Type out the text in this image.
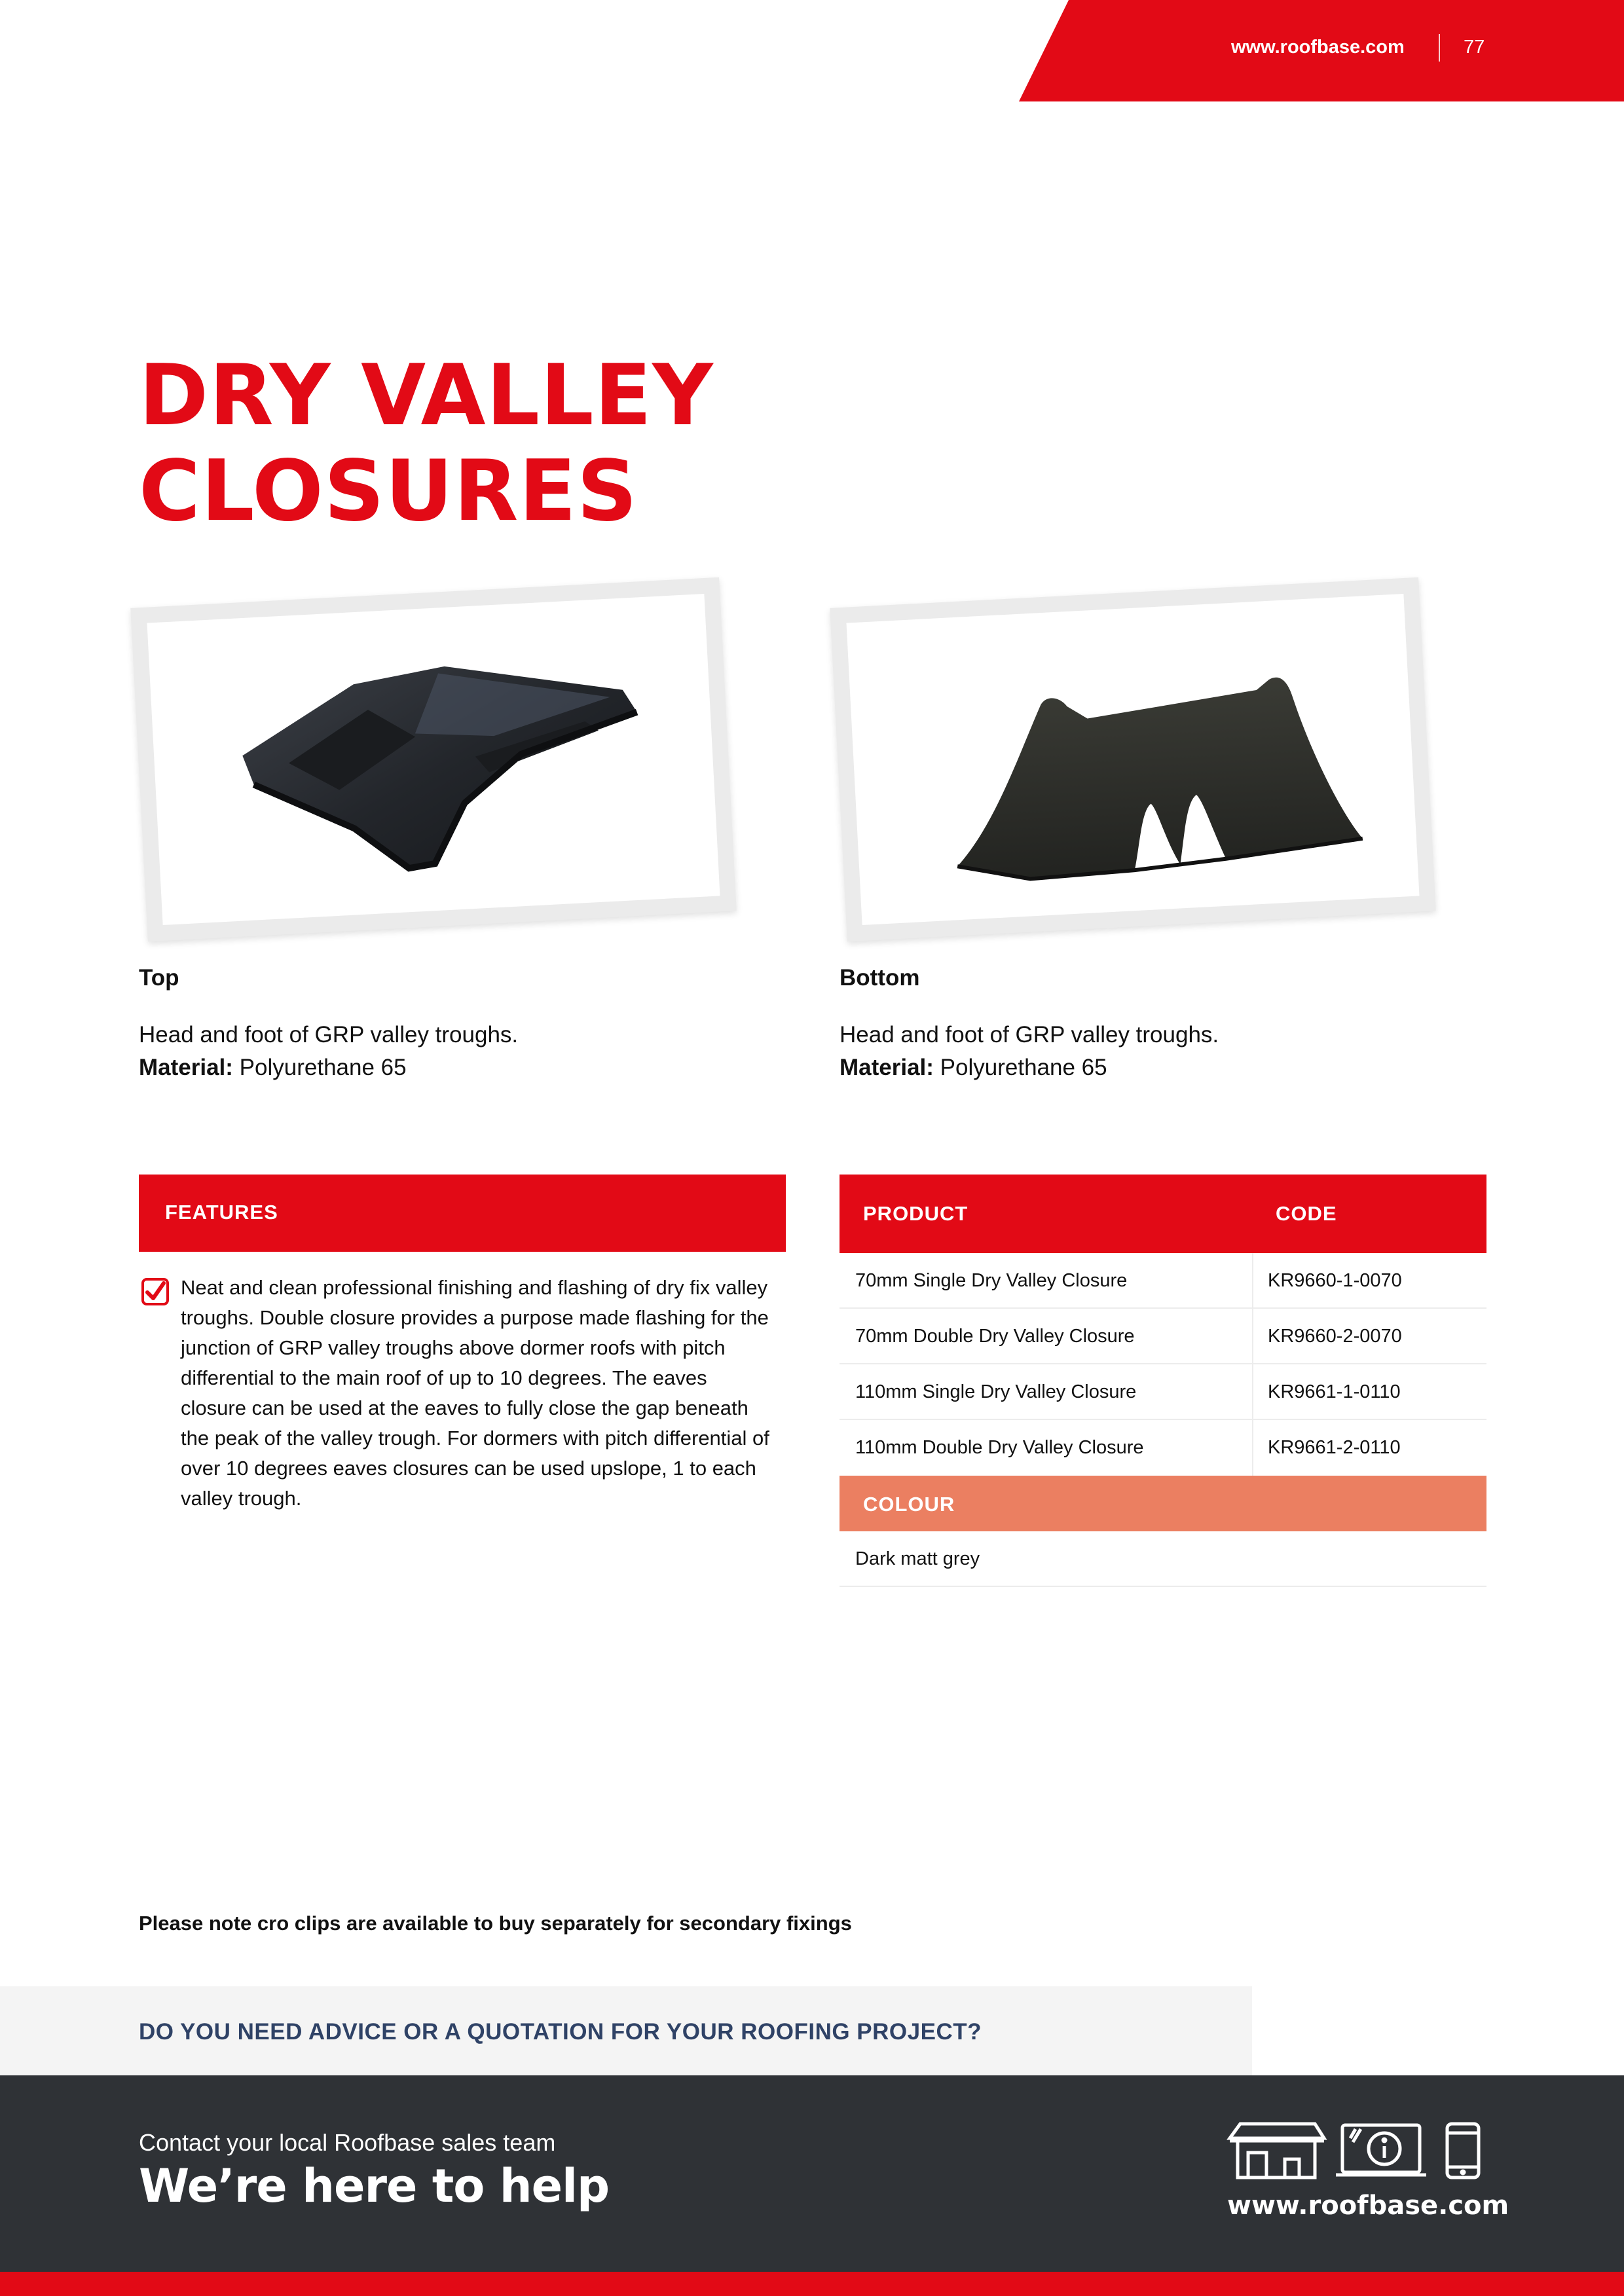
www.roofbase.com	77
DRY VALLEY
CLOSURES
Top
Head and foot of GRP valley troughs.
Material: Polyurethane 65
Bottom
Head and foot of GRP valley troughs.
Material: Polyurethane 65
FEATURES
Neat and clean professional finishing and flashing of dry fix valley troughs. Double closure provides a purpose made flashing for the junction of GRP valley troughs above dormer roofs with pitch differential to the main roof of up to 10 degrees. The eaves closure can be used at the eaves to fully close the gap beneath the peak of the valley trough. For dormers with pitch differential of over 10 degrees eaves closures can be used upslope, 1 to each valley trough.
PRODUCT	CODE
70mm Single Dry Valley Closure	KR9660-1-0070
70mm Double Dry Valley Closure	KR9660-2-0070
110mm Single Dry Valley Closure	KR9661-1-0110
110mm Double Dry Valley Closure	KR9661-2-0110
COLOUR
Dark matt grey
Please note cro clips are available to buy separately for secondary fixings
DO YOU NEED ADVICE OR A QUOTATION FOR YOUR ROOFING PROJECT?
Contact your local Roofbase sales team
We’re here to help	www.roofbase.com
